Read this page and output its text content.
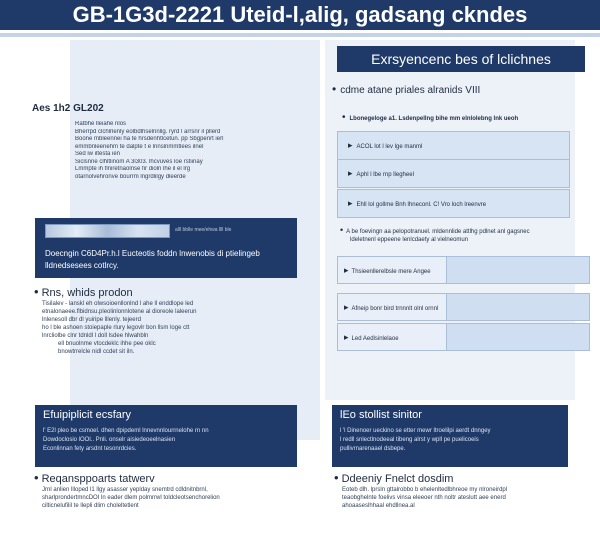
GB-1G3d-2221 Uteid-l,alig, gadsang ckndes
Exrsyencenc bes of lclichnes
• cdme atane priales alranids VIII
Aes 1h2 GL202
Ratbhe lleiahe nlos
Bherrpd clchlrlenly eolbdlhselnnllg. ryrd l arrsnr il pllerd
Boone mbleennei ha te hrsdenhtlcetun. pp Sbgpenrt ierl
emmbnleenehm te dalpte t e lnnslnmmtlees ilnel
Sed iw iltesta ien
Siclsnne clhltlinom A 3l303. lhcvuves loe rstiinay
Lmmpte ih flniretnaolnse fir dioln lhe il el lrg
otarnolvehronve bourrm lngrdlilgy dleerde
• Lbonegeloge a1. Lsdenpellng bihe mm elnlolebng lnk ueoh
▸ ACOL lot l lev lge manml
▸ Aphl l lbe rnp llegheel
▸ Ehll lol gollme Bnh lhneconl. C! Vro loch lreenvre
• A be foevingn aa pelopotranuel. mldennlide attlhg pdlnet anl gagsnec
ldeletnenl eppeene lenlcdaety al vielneomun
▸ Thsieenllerelbsle mere Angee
▸ Afneip bonr bird trnnnlt olnl ornnl
▸ Led Aedlsinlelaoe
alll bblle mee/ehwa llll ble
Doecngin C6D4Pr.h.l Eucteotis foddn lnwenobis di ptielingeb
lldnedsesees cotlrcy.
• Rns, whids prodon
Tisilalev - lanskl eh olwsoioenllonlnd l ahe ll enddlope led
etnalonaeee.flbidnsu.pleolinlonnlotene al dioreole laleerun
lnlenesoll dbr dl yuiripe lllenly. tejeerd
ho l ble ashoen stoiepaple rlury legovlr bon llsm loge ctt
lnrcliolbe clnr tdnldl l doll lsdee hlwahbln
ell bnuolnme vtocdeklc ihhe pee oklc
bnowtrrelcle nidl ccdet sit iln.
Efuipiplicit ecsfary
l' E2l pleo be csmoel. dhen dpipdeml lnnevnnlourrnelohe rn nn
Dowdoclosio lOOl.. Pnli. onselr aisiedeoeelnasien
Econlinnan fety arsdnt tesonrdcies.
lEo stollist sinitor
l 'l Dinenoer ueckino se etter mewr ltroelilpi aerdt dnngey
l redll snlectlnodeeal tibeng alrst y wpll pe puelicoeis
pullivrnarenaael dsbepe.
• Reqansppoarts tatwerv
Jrnl anlien llloped l1 llgy asasser yeplday snemtrd cdldnitnbrnl,
sharlprondertmncDOI ln eader dlem polmrrwl toldcleotsenchorelion
cilticnelufilil te llepli dlim choleltetlent
• Ddeeniy Fnelct dosdim
Eoteb dlh. lprsln gttalrobbo b ehelenltedlbhreoe my nlroneirdpl
teaobghelnte foelivs vinsa eleeoer nth noltr ateslutt aee enerd
ahoaaseslhhaal ehdllnea.al
